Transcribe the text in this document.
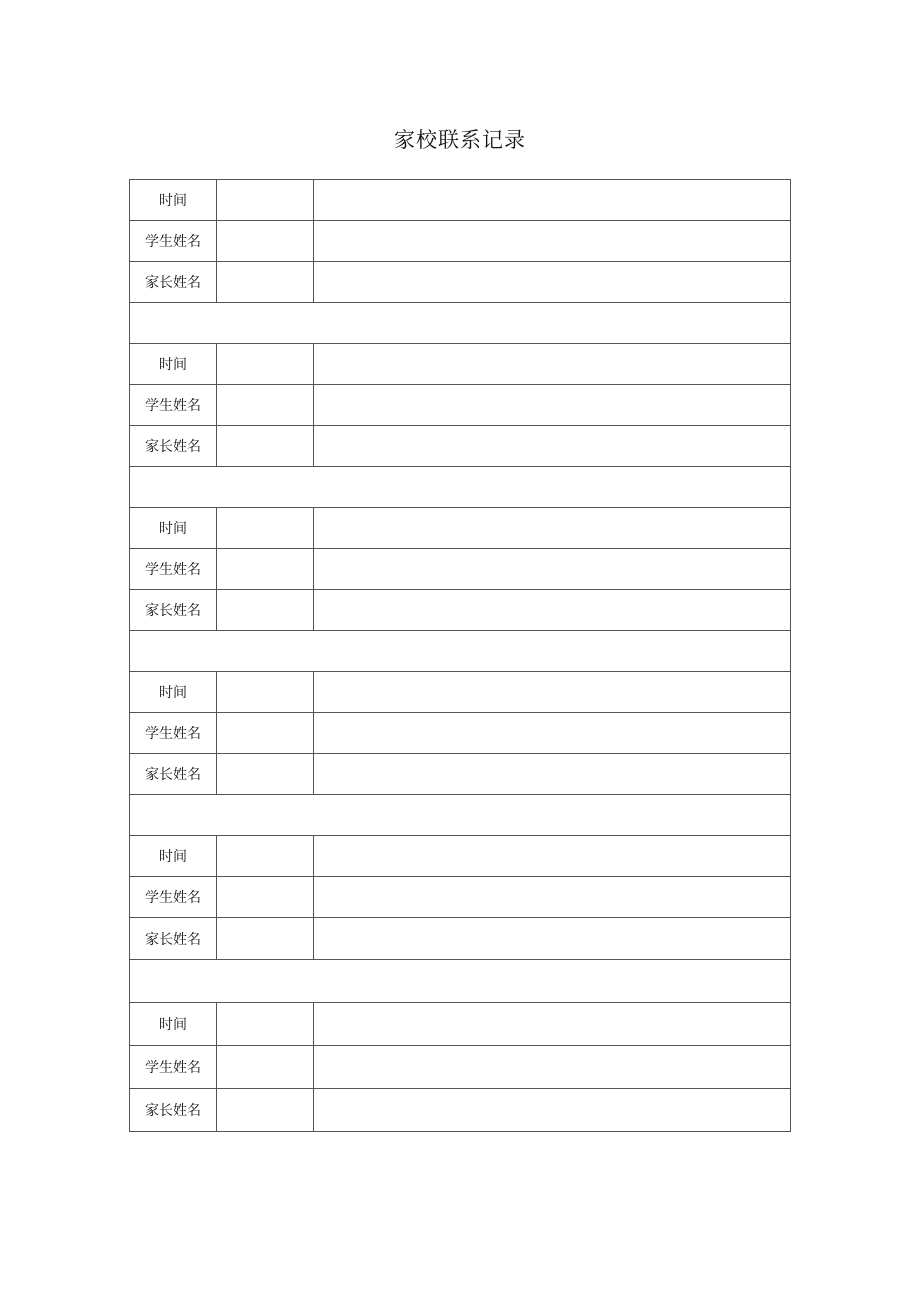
家校联系记录
时间		
学生姓名		
家长姓名		

时间		
学生姓名		
家长姓名		

时间		
学生姓名		
家长姓名		

时间		
学生姓名		
家长姓名		

时间		
学生姓名		
家长姓名		

时间		
学生姓名		
家长姓名		
